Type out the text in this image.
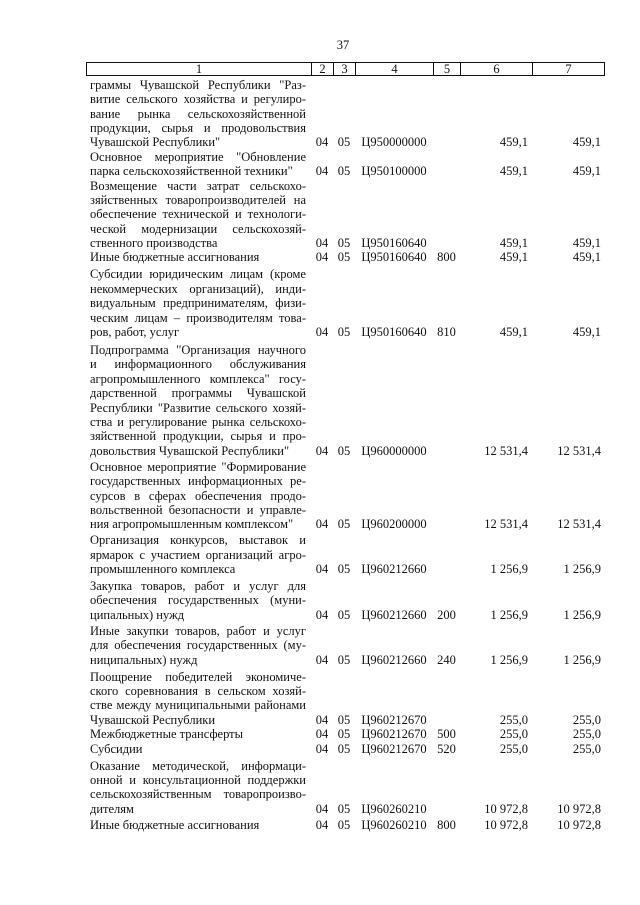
37
1	2	3	4	5	6	7
граммы Чувашской Республики "Раз-
витие сельского хозяйства и регулиро-
вание рынка сельскохозяйственной
продукции, сырья и продовольствия
Чувашской Республики"	04 05 Ц950000000	459,1	459,1
Основное мероприятие "Обновление
парка сельскохозяйственной техники"	04 05 Ц950100000	459,1	459,1
Возмещение части затрат сельскохо-
зяйственных товаропроизводителей на
обеспечение технической и технологи-
ческой модернизации сельскохозяй-
ственного производства	04 05 Ц950160640	459,1	459,1
Иные бюджетные ассигнования	04 05 Ц950160640 800	459,1	459,1
Субсидии юридическим лицам (кроме
некоммерческих организаций), инди-
видуальным предпринимателям, физи-
ческим лицам – производителям това-
ров, работ, услуг	04 05 Ц950160640 810	459,1	459,1
Подпрограмма "Организация научного
и информационного обслуживания
агропромышленного комплекса" госу-
дарственной программы Чувашской
Республики "Развитие сельского хозяй-
ства и регулирование рынка сельскохо-
зяйственной продукции, сырья и про-
довольствия Чувашской Республики"	04 05 Ц960000000	12 531,4	12 531,4
Основное мероприятие "Формирование
государственных информационных ре-
сурсов в сферах обеспечения продо-
вольственной безопасности и управле-
ния агропромышленным комплексом"	04 05 Ц960200000	12 531,4	12 531,4
Организация конкурсов, выставок и
ярмарок с участием организаций агро-
промышленного комплекса	04 05 Ц960212660	1 256,9	1 256,9
Закупка товаров, работ и услуг для
обеспечения государственных (муни-
ципальных) нужд	04 05 Ц960212660 200	1 256,9	1 256,9
Иные закупки товаров, работ и услуг
для обеспечения государственных (му-
ниципальных) нужд	04 05 Ц960212660 240	1 256,9	1 256,9
Поощрение победителей экономиче-
ского соревнования в сельском хозяй-
стве между муниципальными районами
Чувашской Республики	04 05 Ц960212670	255,0	255,0
Межбюджетные трансферты	04 05 Ц960212670 500	255,0	255,0
Субсидии	04 05 Ц960212670 520	255,0	255,0
Оказание методической, информаци-
онной и консультационной поддержки
сельскохозяйственным товаропроизво-
дителям	04 05 Ц960260210	10 972,8	10 972,8
Иные бюджетные ассигнования	04 05 Ц960260210 800	10 972,8	10 972,8
